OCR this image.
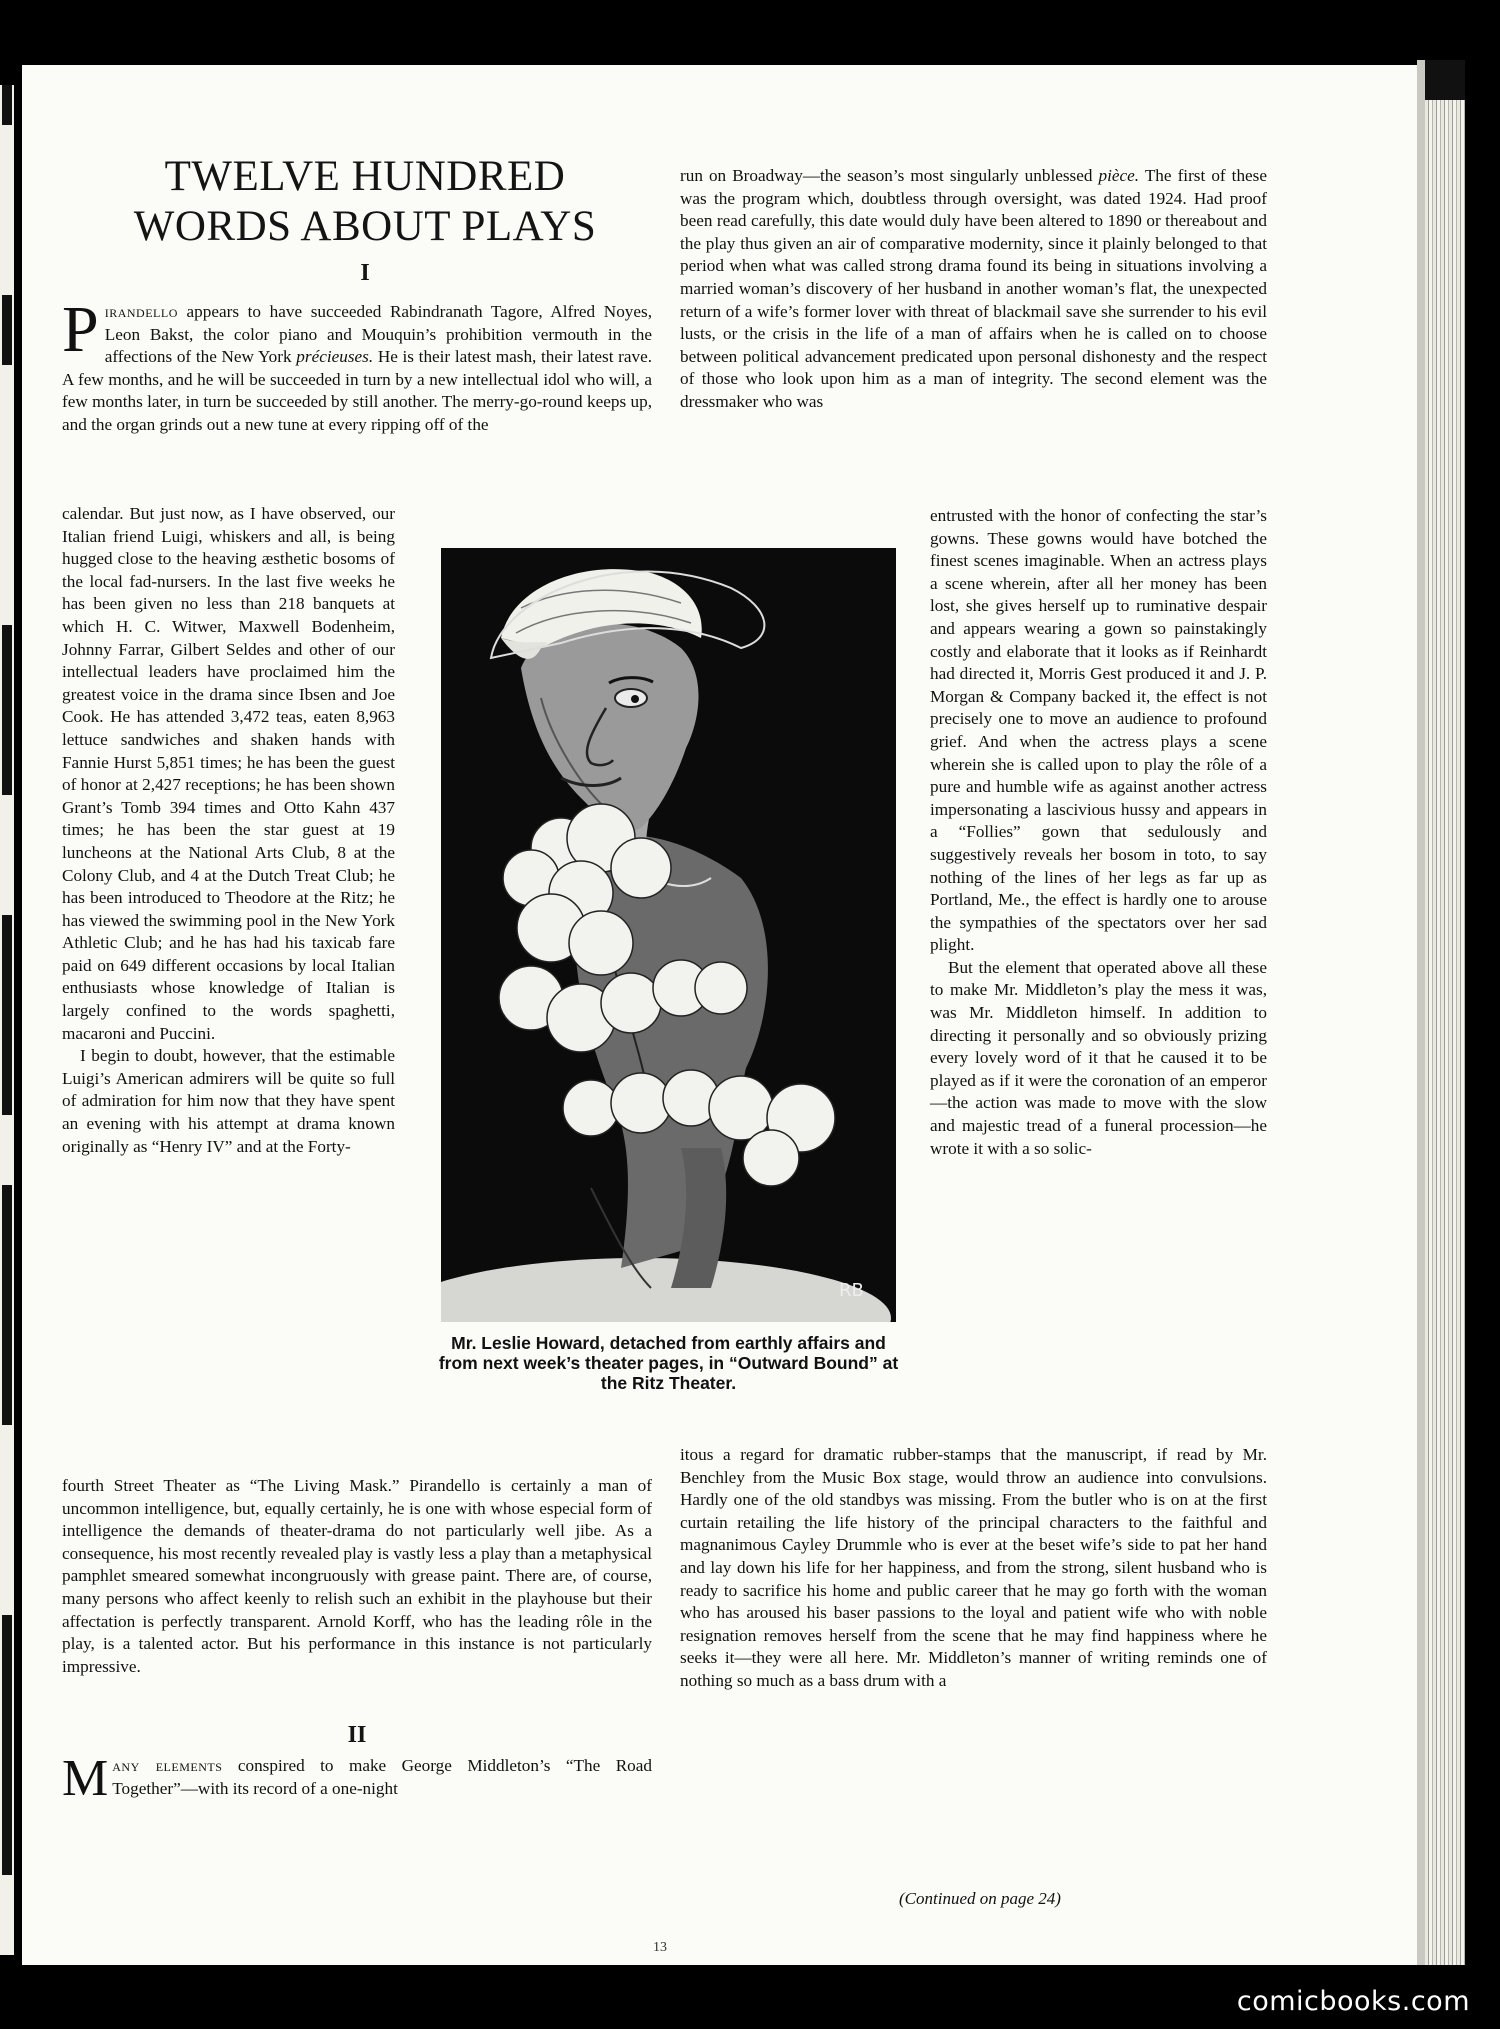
TWELVE HUNDRED
WORDS ABOUT PLAYS
I

Pirandello appears to have succeeded Rabindranath Tagore, Alfred Noyes, Leon Bakst, the color piano and Mouquin’s prohibition vermouth in the affections of the New York précieuses. He is their latest mash, their latest rave. A few months, and he will be succeeded in turn by a new intellectual idol who will, a few months later, in turn be succeeded by still another. The merry-go-round keeps up, and the organ grinds out a new tune at every ripping off of the

calendar. But just now, as I have observed, our Italian friend Luigi, whiskers and all, is being hugged close to the heaving æsthetic bosoms of the local fad-nursers. In the last five weeks he has been given no less than 218 banquets at which H. C. Witwer, Maxwell Bodenheim, Johnny Farrar, Gilbert Seldes and other of our intellectual leaders have proclaimed him the greatest voice in the drama since Ibsen and Joe Cook. He has attended 3,472 teas, eaten 8,963 lettuce sandwiches and shaken hands with Fannie Hurst 5,851 times; he has been the guest of honor at 2,427 receptions; he has been shown Grant’s Tomb 394 times and Otto Kahn 437 times; he has been the star guest at 19 luncheons at the National Arts Club, 8 at the Colony Club, and 4 at the Dutch Treat Club; he has been introduced to Theodore at the Ritz; he has viewed the swimming pool in the New York Athletic Club; and he has had his taxicab fare paid on 649 different occasions by local Italian enthusiasts whose knowledge of Italian is largely confined to the words spaghetti, macaroni and Puccini.

I begin to doubt, however, that the estimable Luigi’s American admirers will be quite so full of admiration for him now that they have spent an evening with his attempt at drama known originally as “Henry IV” and at the Forty-

fourth Street Theater as “The Living Mask.” Pirandello is certainly a man of uncommon intelligence, but, equally certainly, he is one with whose especial form of intelligence the demands of theater-drama do not particularly well jibe. As a consequence, his most recently revealed play is vastly less a play than a metaphysical pamphlet smeared somewhat incongruously with grease paint. There are, of course, many persons who affect keenly to relish such an exhibit in the playhouse but their affectation is perfectly transparent. Arnold Korff, who has the leading rôle in the play, is a talented actor. But his performance in this instance is not particularly impressive.

II

Many elements conspired to make George Middleton’s “The Road Together”—with its record of a one-night

run on Broadway—the season’s most singularly unblessed pièce. The first of these was the program which, doubtless through oversight, was dated 1924. Had proof been read carefully, this date would duly have been altered to 1890 or thereabout and the play thus given an air of comparative modernity, since it plainly belonged to that period when what was called strong drama found its being in situations involving a married woman’s discovery of her husband in another woman’s flat, the unexpected return of a wife’s former lover with threat of blackmail save she surrender to his evil lusts, or the crisis in the life of a man of affairs when he is called on to choose between political advancement predicated upon personal dishonesty and the respect of those who look upon him as a man of integrity. The second element was the dressmaker who was

entrusted with the honor of confecting the star’s gowns. These gowns would have botched the finest scenes imaginable. When an actress plays a scene wherein, after all her money has been lost, she gives herself up to ruminative despair and appears wearing a gown so painstakingly costly and elaborate that it looks as if Reinhardt had directed it, Morris Gest produced it and J. P. Morgan & Company backed it, the effect is not precisely one to move an audience to profound grief. And when the actress plays a scene wherein she is called upon to play the rôle of a pure and humble wife as against another actress impersonating a lascivious hussy and appears in a “Follies” gown that sedulously and suggestively reveals her bosom in toto, to say nothing of the lines of her legs as far up as Portland, Me., the effect is hardly one to arouse the sympathies of the spectators over her sad plight.

But the element that operated above all these to make Mr. Middleton’s play the mess it was, was Mr. Middleton himself. In addition to directing it personally and so obviously prizing every lovely word of it that he caused it to be played as if it were the coronation of an emperor—the action was made to move with the slow and majestic tread of a funeral procession—he wrote it with a so solic-

itous a regard for dramatic rubber-stamps that the manuscript, if read by Mr. Benchley from the Music Box stage, would throw an audience into convulsions. Hardly one of the old standbys was missing. From the butler who is on at the first curtain retailing the life history of the principal characters to the faithful and magnanimous Cayley Drummle who is ever at the beset wife’s side to pat her hand and lay down his life for her happiness, and from the strong, silent husband who is ready to sacrifice his home and public career that he may go forth with the woman who has aroused his baser passions to the loyal and patient wife who with noble resignation removes herself from the scene that he may find happiness where he seeks it—they were all here. Mr. Middleton’s manner of writing reminds one of nothing so much as a bass drum with a

RB
Mr. Leslie Howard, detached from earthly affairs and from next week’s theater pages, in “Outward Bound” at the Ritz Theater.
(Continued on page 24)
13
comicbooks.com
